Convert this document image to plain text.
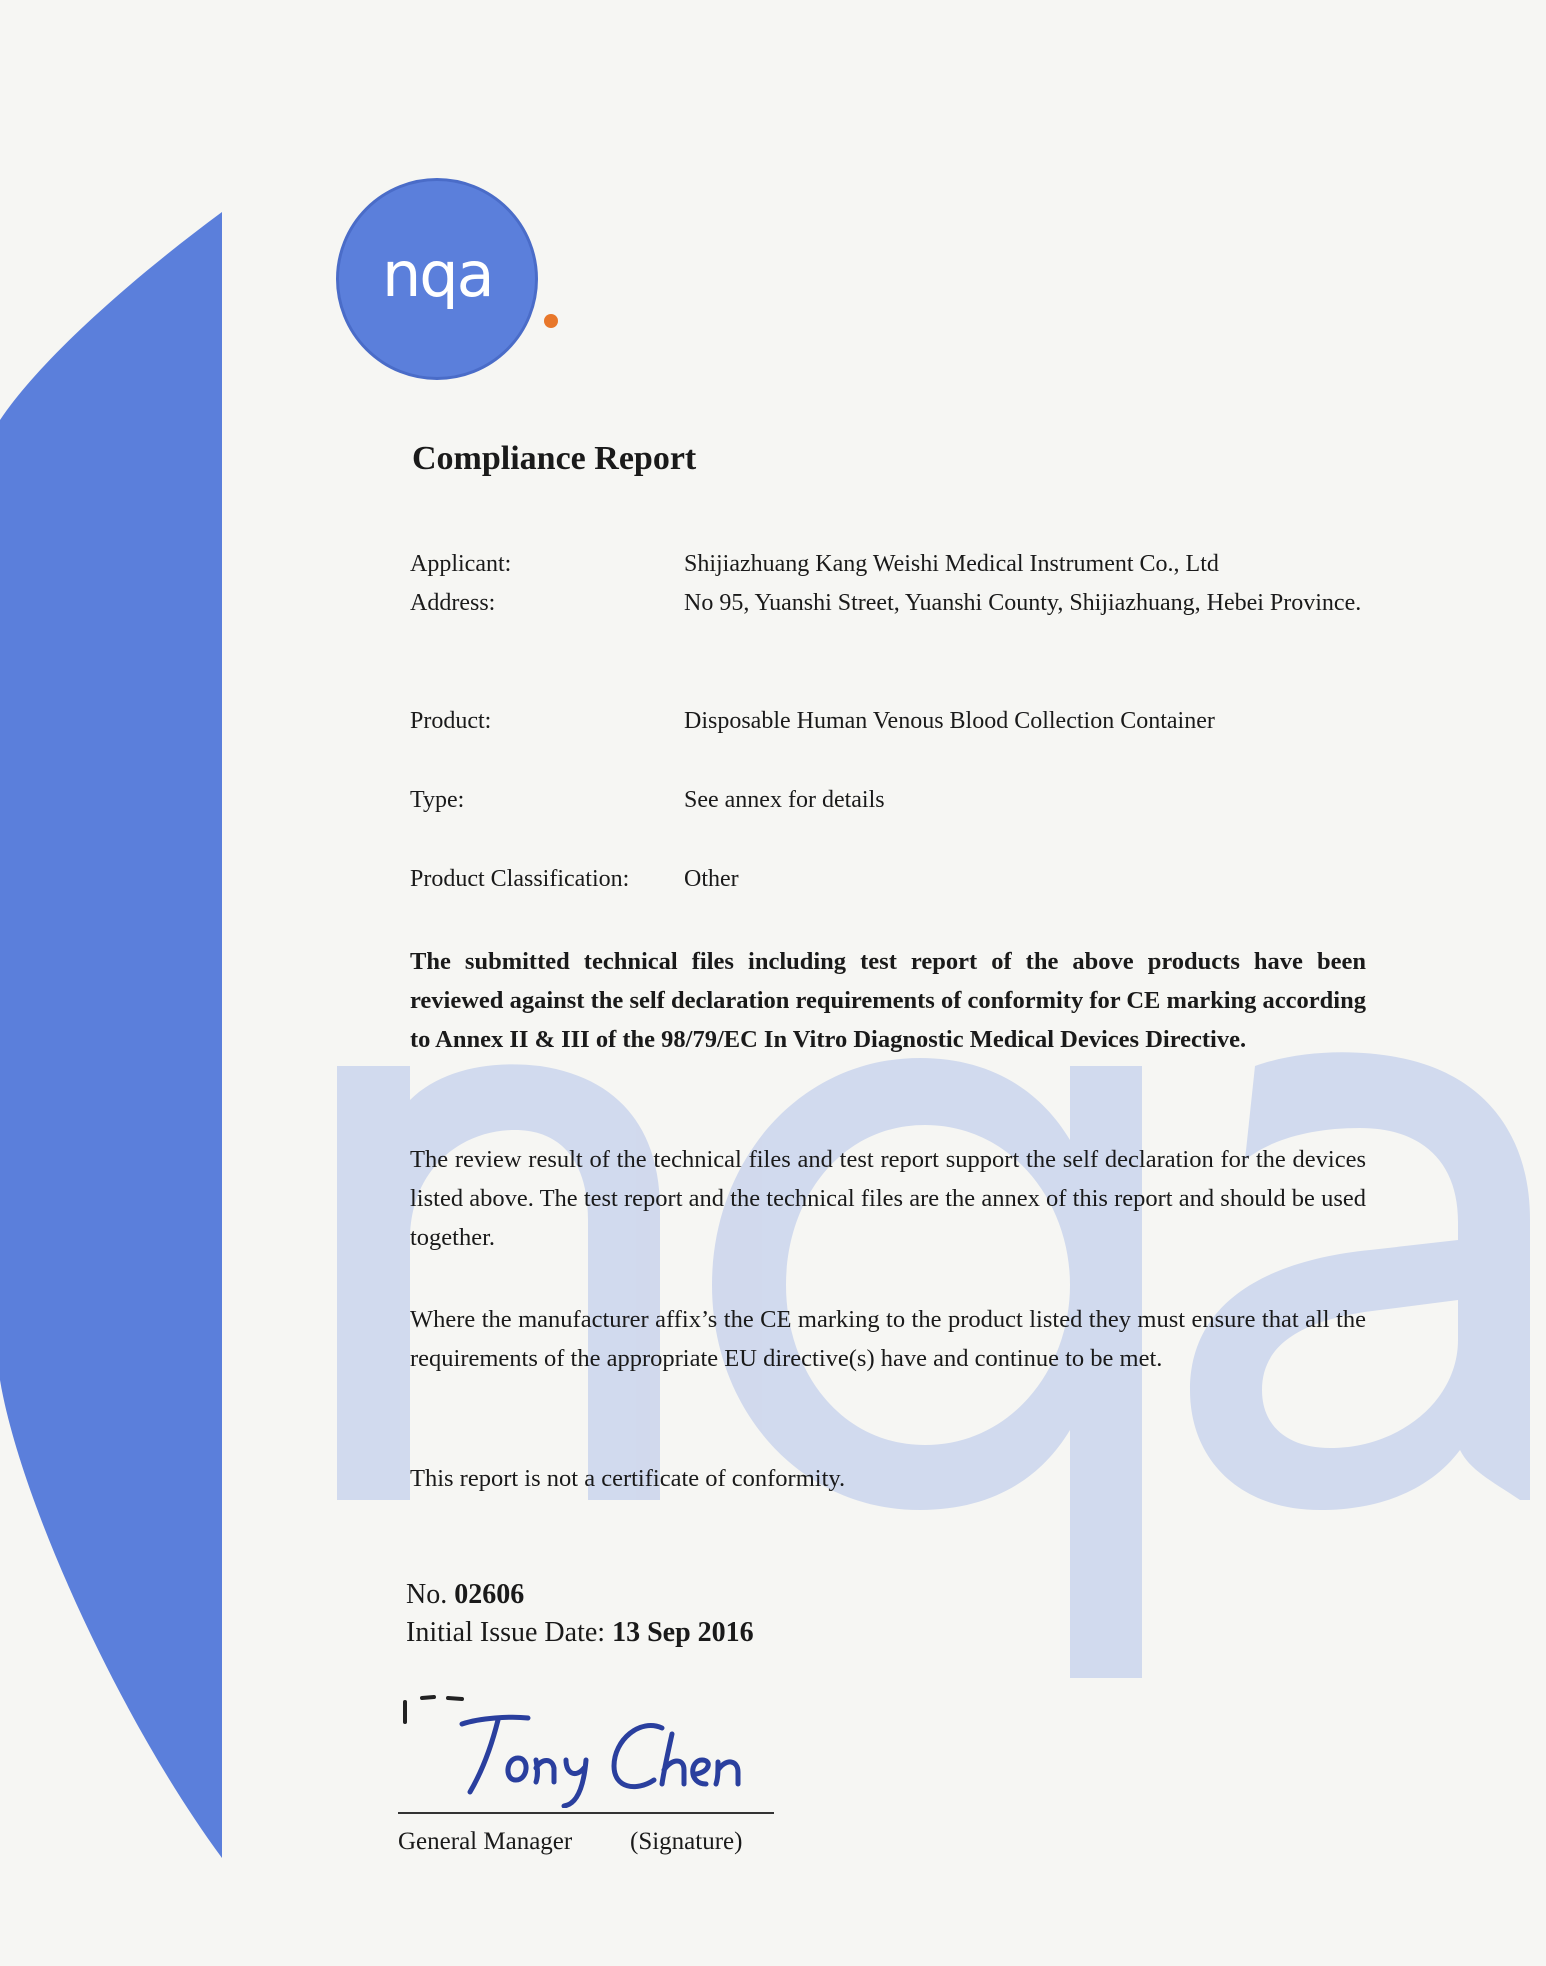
nqa
Compliance Report
Applicant:	Shijiazhuang Kang Weishi Medical Instrument Co., Ltd
Address:	No 95, Yuanshi Street, Yuanshi County, Shijiazhuang, Hebei Province.
Product:	Disposable Human Venous Blood Collection Container
Type:	See annex for details
Product Classification: Other

The submitted technical files including test report of the above products have been reviewed against the self declaration requirements of conformity for CE marking according to Annex II & III of the 98/79/EC In Vitro Diagnostic Medical Devices Directive.

The review result of the technical files and test report support the self declaration for the devices listed above. The test report and the technical files are the annex of this report and should be used together.

Where the manufacturer affix’s the CE marking to the product listed they must ensure that all the requirements of the appropriate EU directive(s) have and continue to be met.

This report is not a certificate of conformity.

No. 02606
Initial Issue Date: 13 Sep 2016
General Manager (Signature)
